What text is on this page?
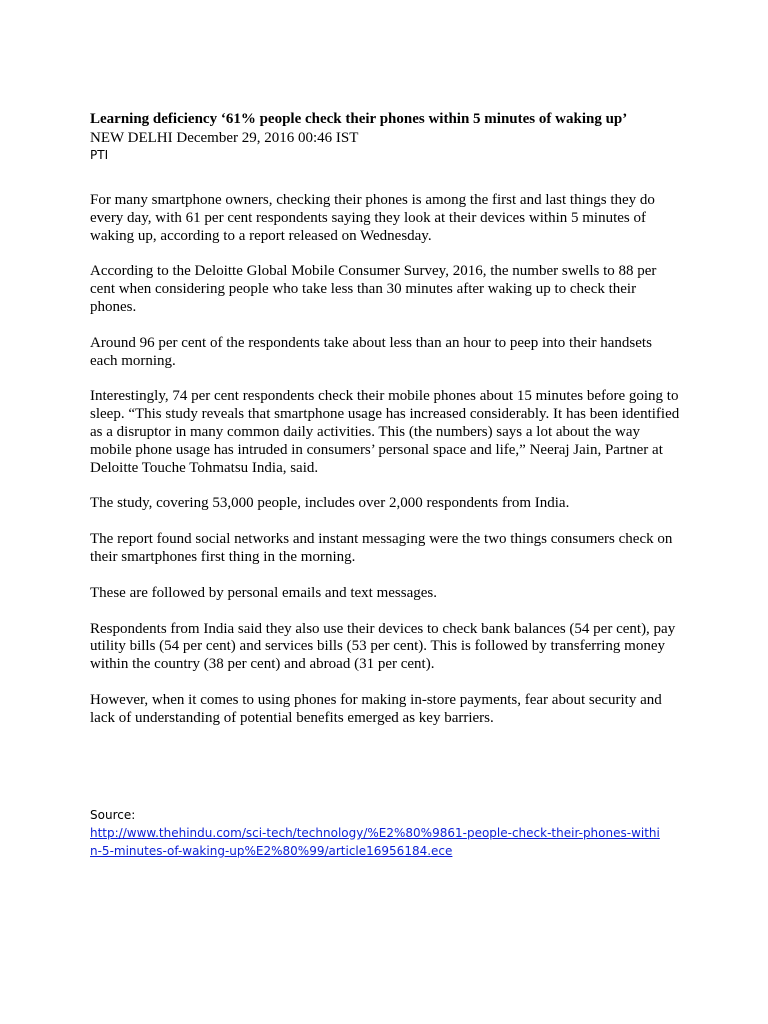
Learning deficiency ‘61% people check their phones within 5 minutes of waking up’

NEW DELHI December 29, 2016 00:46 IST

PTI

For many smartphone owners, checking their phones is among the first and last things they do every day, with 61 per cent respondents saying they look at their devices within 5 minutes of waking up, according to a report released on Wednesday.

According to the Deloitte Global Mobile Consumer Survey, 2016, the number swells to 88 per cent when considering people who take less than 30 minutes after waking up to check their phones.

Around 96 per cent of the respondents take about less than an hour to peep into their handsets each morning.

Interestingly, 74 per cent respondents check their mobile phones about 15 minutes before going to sleep. “This study reveals that smartphone usage has increased considerably. It has been identified as a disruptor in many common daily activities. This (the numbers) says a lot about the way mobile phone usage has intruded in consumers’ personal space and life,” Neeraj Jain, Partner at Deloitte Touche Tohmatsu India, said.

The study, covering 53,000 people, includes over 2,000 respondents from India.

The report found social networks and instant messaging were the two things consumers check on their smartphones first thing in the morning.

These are followed by personal emails and text messages.

Respondents from India said they also use their devices to check bank balances (54 per cent), pay utility bills (54 per cent) and services bills (53 per cent). This is followed by transferring money within the country (38 per cent) and abroad (31 per cent).

However, when it comes to using phones for making in-store payments, fear about security and lack of understanding of potential benefits emerged as key barriers.

Source:

http://www.thehindu.com/sci-tech/technology/%E2%80%9861-people-check-their-phones-within-5-minutes-of-waking-up%E2%80%99/article16956184.ece
